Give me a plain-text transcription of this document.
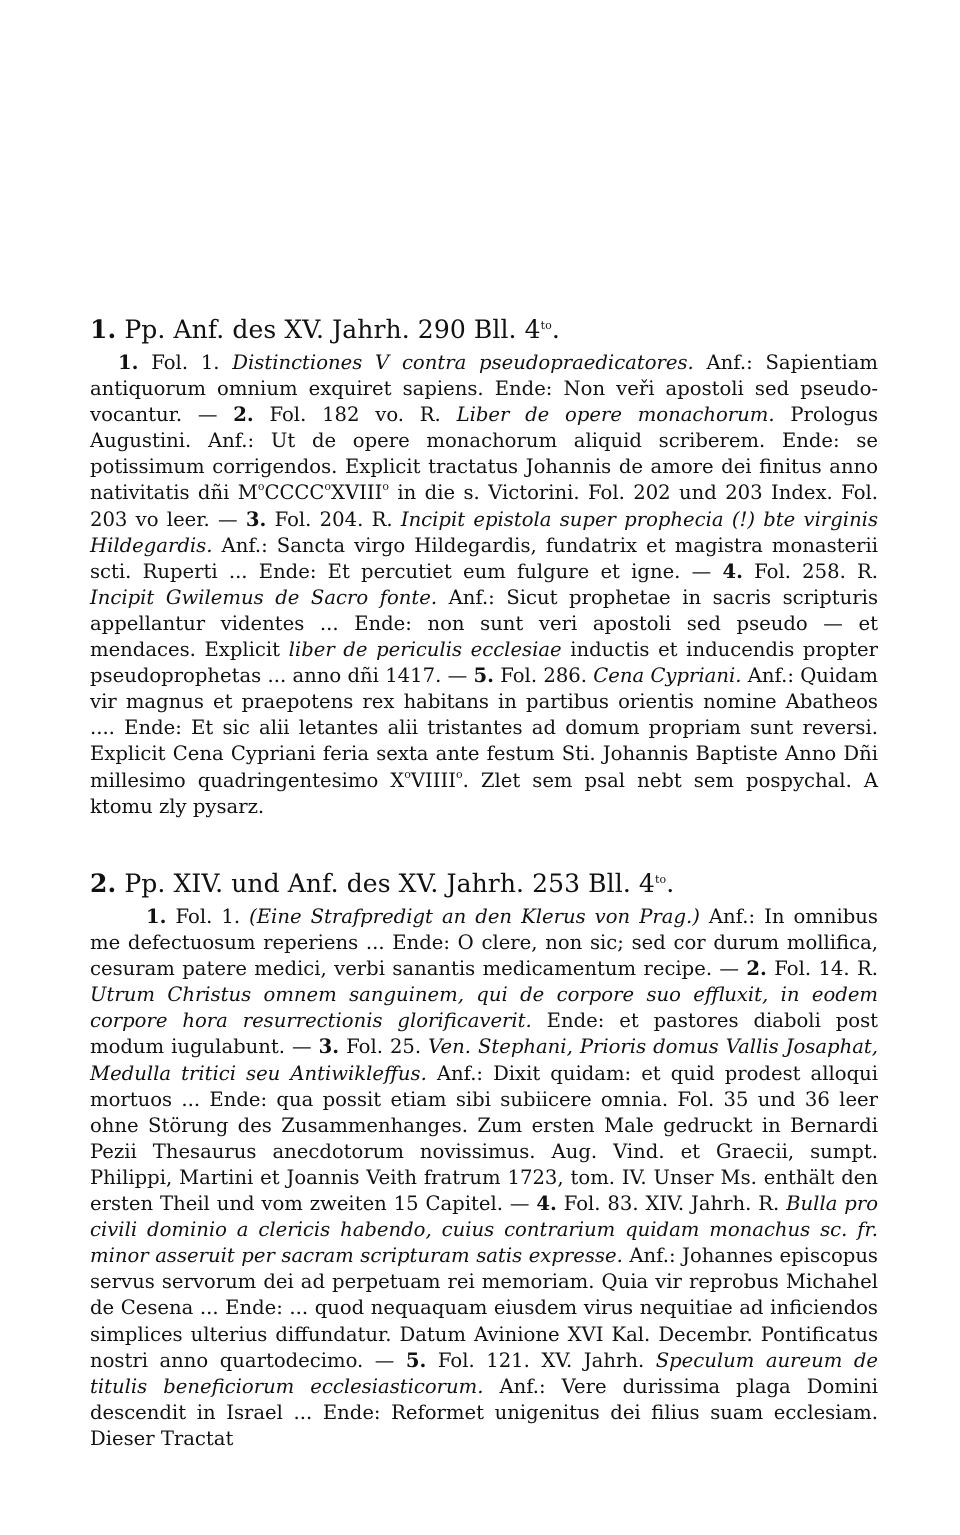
1. Pp. Anf. des XV. Jahrh. 290 Bll. $4^{to}$.

1. Fol. 1. Distinctiones V contra pseudopraedicatores. Anf.: Sapientiam antiquorum omnium exquiret sapiens. Ende: Non veři apostoli sed pseudovocantur. — 2. Fol. 182 vo. R. Liber de opere monachorum. Prologus Augustini. Anf.: Ut de opere monachorum aliquid scriberem. Ende: se potissimum corrigendos. Explicit tractatus Johannis de amore dei finitus anno nativitatis dñi $M^oCCCC^oXVIII^o$ in die s. Victorini. Fol. 202 und 203 Index. Fol. 203 vo leer. — 3. Fol. 204. R. Incipit epistola super prophecia (!) bte virginis Hildegardis. Anf.: Sancta virgo Hildegardis, fundatrix et magistra monasterii scti. Ruperti ... Ende: Et percutiet eum fulgure et igne. — 4. Fol. 258. R. Incipit Gwilemus de Sacro fonte. Anf.: Sicut prophetae in sacris scripturis appellantur videntes ... Ende: non sunt veri apostoli sed pseudo — et mendaces. Explicit liber de periculis ecclesiae inductis et inducendis propter pseudoprophetas ... anno dñi 1417. — 5. Fol. 286. Cena Cypriani. Anf.: Quidam vir magnus et praepotens rex habitans in partibus orientis nomine Abatheos .... Ende: Et sic alii letantes alii tristantes ad domum propriam sunt reversi. Explicit Cena Cypriani feria sexta ante festum Sti. Johannis Baptiste Anno Dñi millesimo quadringentesimo $X^oVIIII^o$. Zlet sem psal nebt sem pospychal. A ktomu zly pysarz.

2. Pp. XIV. und Anf. des XV. Jahrh. 253 Bll. $4^{to}$.

1. Fol. 1. (Eine Strafpredigt an den Klerus von Prag.) Anf.: In omnibus me defectuosum reperiens ... Ende: O clere, non sic; sed cor durum mollifica, cesuram patere medici, verbi sanantis medicamentum recipe. — 2. Fol. 14. R. Utrum Christus omnem sanguinem, qui de corpore suo effluxit, in eodem corpore hora resurrectionis glorificaverit. Ende: et pastores diaboli post modum iugulabunt. — 3. Fol. 25. Ven. Stephani, Prioris domus Vallis Josaphat, Medulla tritici seu Antiwikleffus. Anf.: Dixit quidam: et quid prodest alloqui mortuos ... Ende: qua possit etiam sibi subiicere omnia. Fol. 35 und 36 leer ohne Störung des Zusammenhanges. Zum ersten Male gedruckt in Bernardi Pezii Thesaurus anecdotorum novissimus. Aug. Vind. et Graecii, sumpt. Philippi, Martini et Joannis Veith fratrum 1723, tom. IV. Unser Ms. enthält den ersten Theil und vom zweiten 15 Capitel. — 4. Fol. 83. XIV. Jahrh. R. Bulla pro civili dominio a clericis habendo, cuius contrarium quidam monachus sc. fr. minor asseruit per sacram scripturam satis expresse. Anf.: Johannes episcopus servus servorum dei ad perpetuam rei memoriam. Quia vir reprobus Michahel de Cesena ... Ende: ... quod nequaquam eiusdem virus nequitiae ad inficiendos simplices ulterius diffundatur. Datum Avinione XVI Kal. Decembr. Pontificatus nostri anno quartodecimo. — 5. Fol. 121. XV. Jahrh. Speculum aureum de titulis beneficiorum ecclesiasticorum. Anf.: Vere durissima plaga Domini descendit in Israel ... Ende: Reformet unigenitus dei filius suam ecclesiam. Dieser Tractat
